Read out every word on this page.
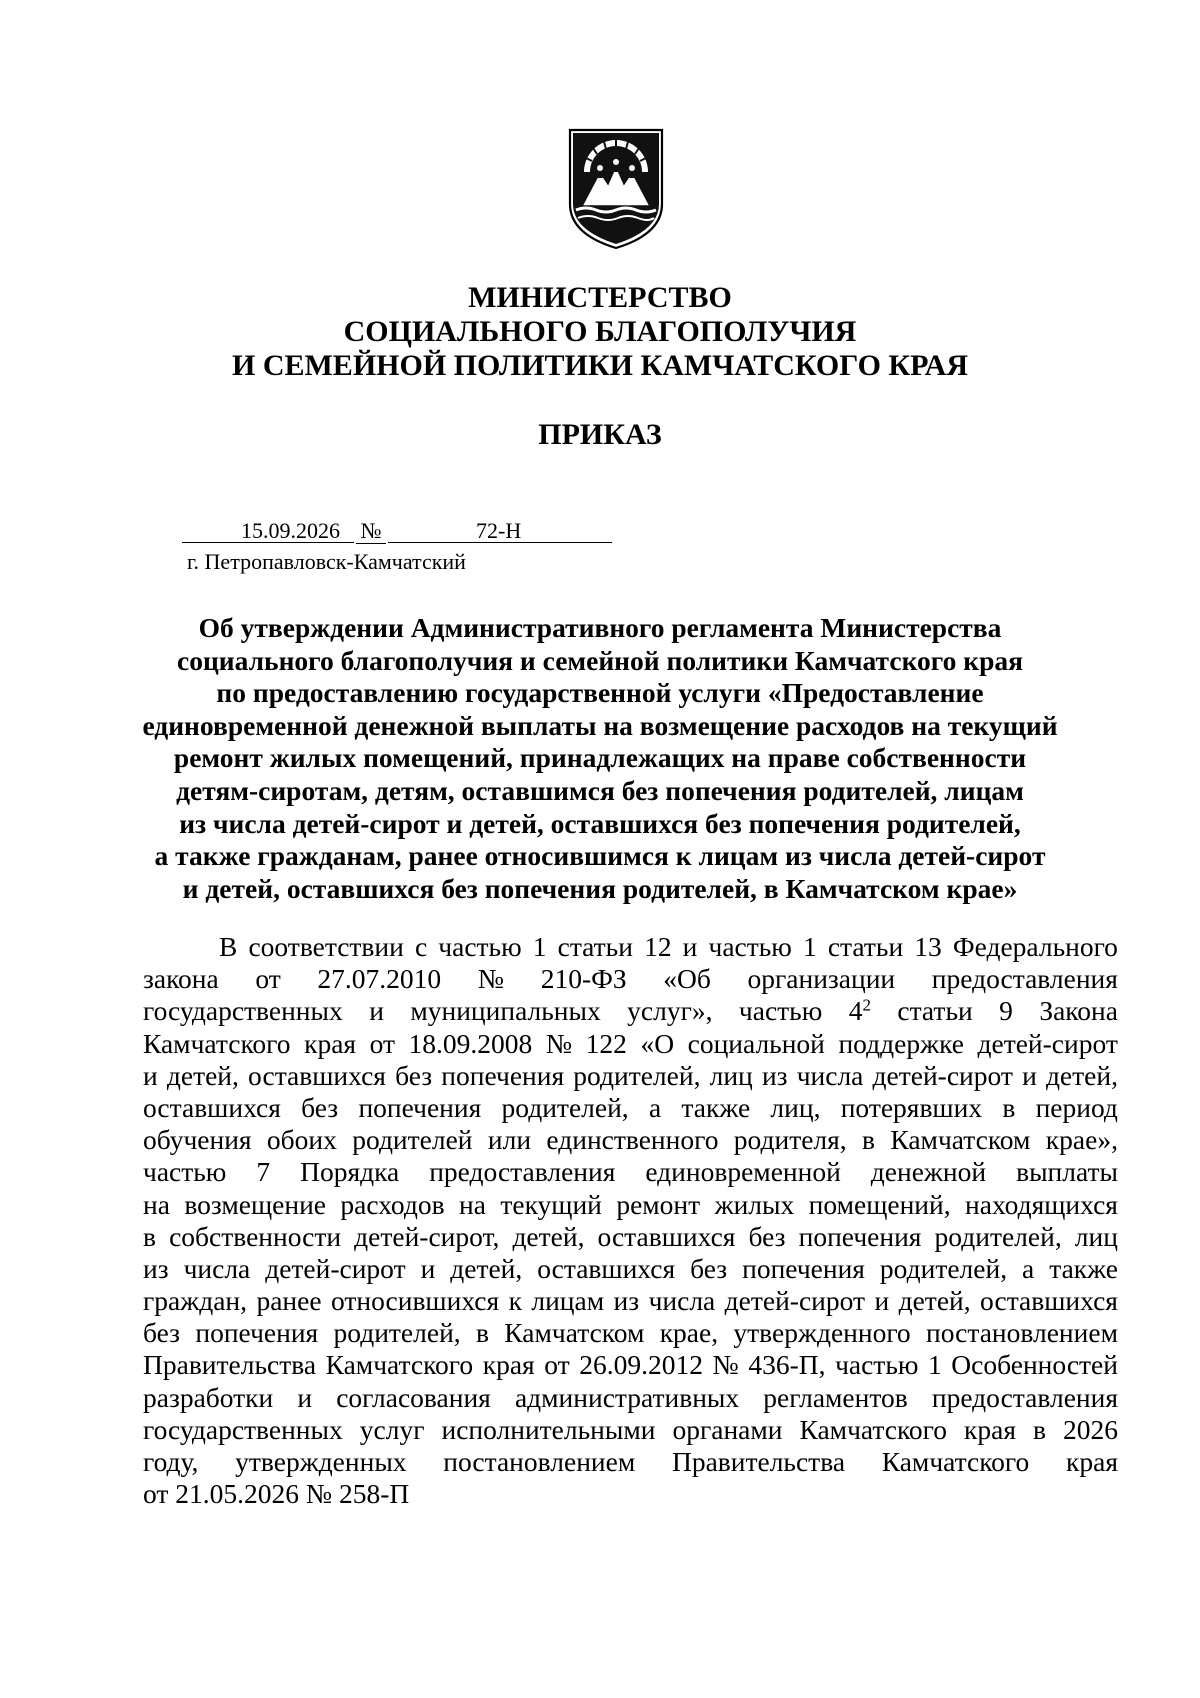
МИНИСТЕРСТВО
СОЦИАЛЬНОГО БЛАГОПОЛУЧИЯ
И СЕМЕЙНОЙ ПОЛИТИКИ КАМЧАТСКОГО КРАЯ
ПРИКАЗ
15.09.2026 №	72-Н
г. Петропавловск-Камчатский
Об утверждении Административного регламента Министерства
социального благополучия и семейной политики Камчатского края
по предоставлению государственной услуги «Предоставление
единовременной денежной выплаты на возмещение расходов на текущий
ремонт жилых помещений, принадлежащих на праве собственности
детям-сиротам, детям, оставшимся без попечения родителей, лицам
из числа детей-сирот и детей, оставшихся без попечения родителей,
а также гражданам, ранее относившимся к лицам из числа детей-сирот
и детей, оставшихся без попечения родителей, в Камчатском крае»
В соответствии с частью 1 статьи 12 и частью 1 статьи 13 Федерального
закона от 27.07.2010 № 210-ФЗ «Об организации предоставления
государственных и муниципальных услуг», частью $4^2$ статьи 9 Закона
Камчатского края от 18.09.2008 № 122 «О социальной поддержке детей-сирот
и детей, оставшихся без попечения родителей, лиц из числа детей-сирот и детей,
оставшихся без попечения родителей, а также лиц, потерявших в период
обучения обоих родителей или единственного родителя, в Камчатском крае»,
частью 7 Порядка предоставления единовременной денежной выплаты
на возмещение расходов на текущий ремонт жилых помещений, находящихся
в собственности детей-сирот, детей, оставшихся без попечения родителей, лиц
из числа детей-сирот и детей, оставшихся без попечения родителей, а также
граждан, ранее относившихся к лицам из числа детей-сирот и детей, оставшихся
без попечения родителей, в Камчатском крае, утвержденного постановлением
Правительства Камчатского края от 26.09.2012 № 436-П, частью 1 Особенностей
разработки и согласования административных регламентов предоставления
государственных услуг исполнительными органами Камчатского края в 2026
году, утвержденных постановлением Правительства Камчатского края
от 21.05.2026 № 258-П
